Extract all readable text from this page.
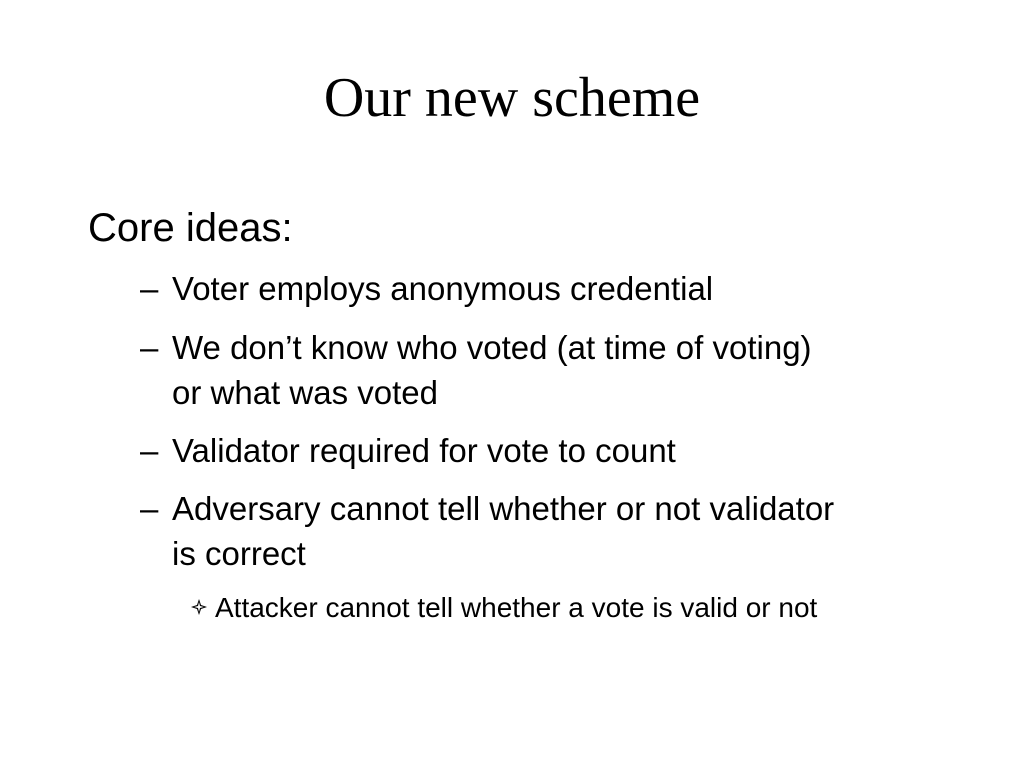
Our new scheme

Core ideas:

– Voter employs anonymous credential
– We don’t know who voted (at time of voting) or what was voted
– Validator required for vote to count
– Adversary cannot tell whether or not validator is correct
Attacker cannot tell whether a vote is valid or not
